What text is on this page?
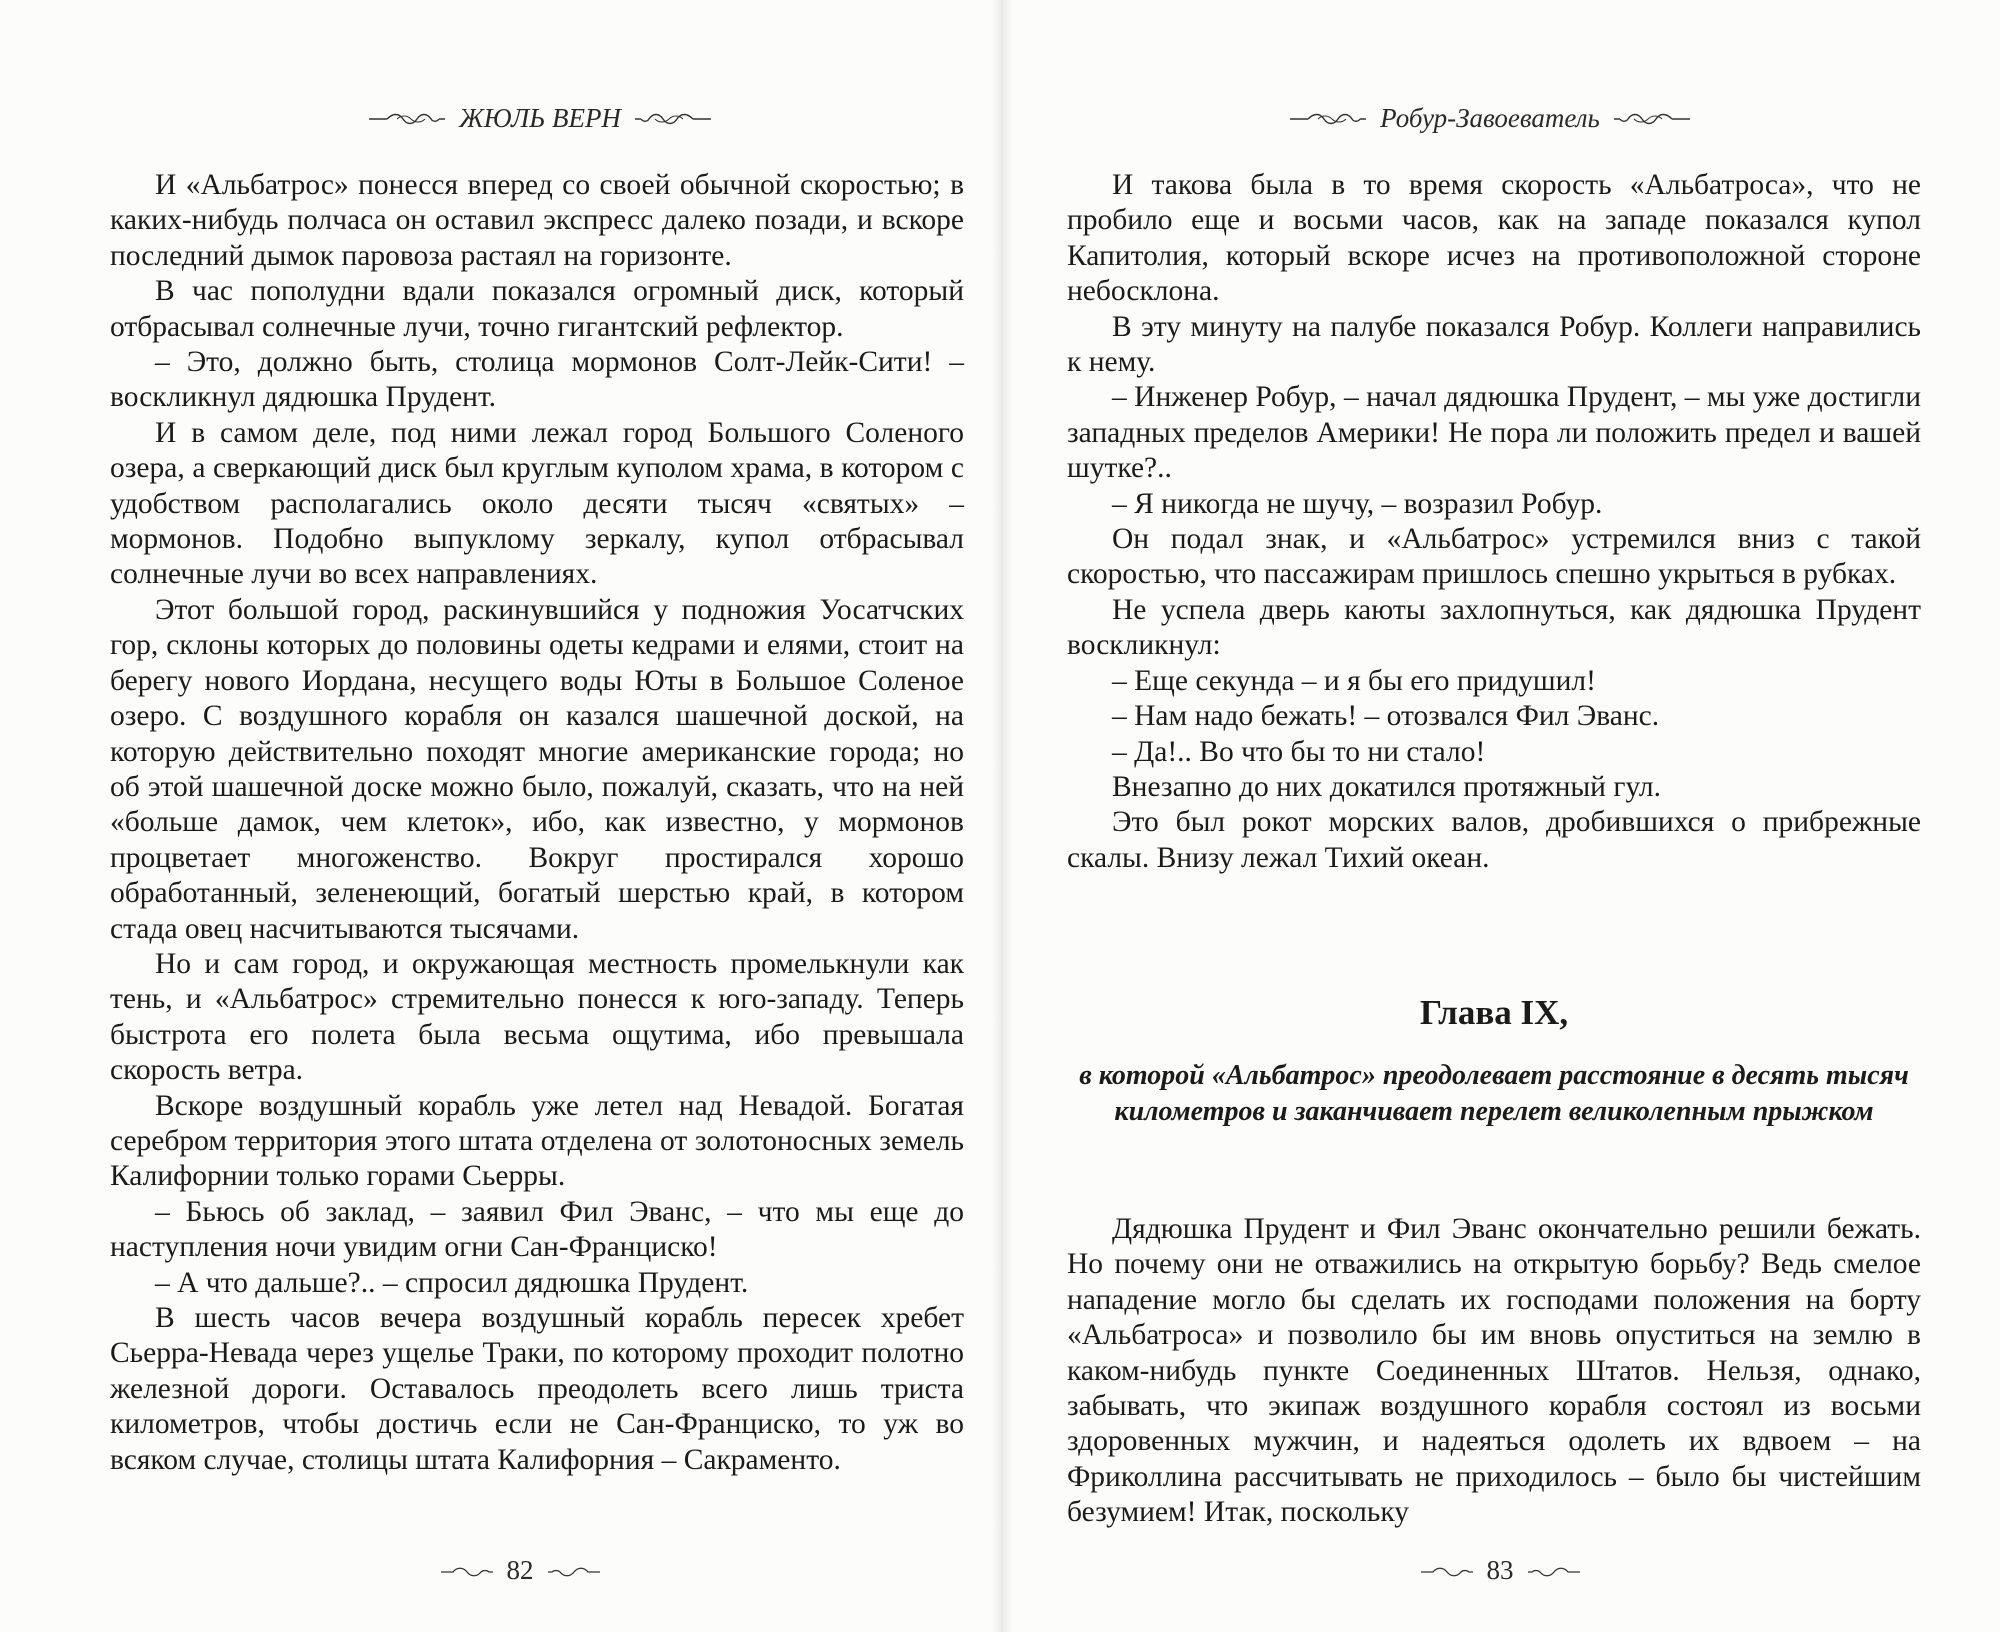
ЖЮЛЬ ВЕРН

И «Альбатрос» понесся вперед со своей обычной скоростью; в каких-нибудь полчаса он оставил экспресс далеко позади, и вскоре последний дымок паровоза растаял на горизонте.

В час пополудни вдали показался огромный диск, который отбрасывал солнечные лучи, точно гигантский рефлектор.

– Это, должно быть, столица мормонов Солт-Лейк-Сити! – воскликнул дядюшка Прудент.

И в самом деле, под ними лежал город Большого Соленого озера, а сверкающий диск был круглым куполом храма, в котором с удобством располагались около десяти тысяч «святых» – мормонов. Подобно выпуклому зеркалу, купол отбрасывал солнечные лучи во всех направлениях.

Этот большой город, раскинувшийся у подножия Уосатчских гор, склоны которых до половины одеты кедрами и елями, стоит на берегу нового Иордана, несущего воды Юты в Большое Соленое озеро. С воздушного корабля он казался шашечной доской, на которую действительно походят многие американские города; но об этой шашечной доске можно было, пожалуй, сказать, что на ней «больше дамок, чем клеток», ибо, как известно, у мормонов процветает многоженство. Вокруг простирался хорошо обработанный, зеленеющий, богатый шерстью край, в котором стада овец насчитываются тысячами.

Но и сам город, и окружающая местность промелькнули как тень, и «Альбатрос» стремительно понесся к юго-западу. Теперь быстрота его полета была весьма ощутима, ибо превышала скорость ветра.

Вскоре воздушный корабль уже летел над Невадой. Богатая серебром территория этого штата отделена от золотоносных земель Калифорнии только горами Сьерры.

– Бьюсь об заклад, – заявил Фил Эванс, – что мы еще до наступления ночи увидим огни Сан-Франциско!

– А что дальше?.. – спросил дядюшка Прудент.

В шесть часов вечера воздушный корабль пересек хребет Сьерра-Невада через ущелье Траки, по которому проходит полотно железной дороги. Оставалось преодолеть всего лишь триста километров, чтобы достичь если не Сан-Франциско, то уж во всяком случае, столицы штата Калифорния – Сакраменто.

82
Робур-Завоеватель

И такова была в то время скорость «Альбатроса», что не пробило еще и восьми часов, как на западе показался купол Капитолия, который вскоре исчез на противоположной стороне небосклона.

В эту минуту на палубе показался Робур. Коллеги направились к нему.

– Инженер Робур, – начал дядюшка Прудент, – мы уже достигли западных пределов Америки! Не пора ли положить предел и вашей шутке?..

– Я никогда не шучу, – возразил Робур.

Он подал знак, и «Альбатрос» устремился вниз с такой скоростью, что пассажирам пришлось спешно укрыться в рубках.

Не успела дверь каюты захлопнуться, как дядюшка Прудент воскликнул:

– Еще секунда – и я бы его придушил!

– Нам надо бежать! – отозвался Фил Эванс.

– Да!.. Во что бы то ни стало!

Внезапно до них докатился протяжный гул.

Это был рокот морских валов, дробившихся о прибрежные скалы. Внизу лежал Тихий океан.

Глава IX,

в которой «Альбатрос» преодолевает расстояние в десять тысяч километров и заканчивает перелет великолепным прыжком

Дядюшка Прудент и Фил Эванс окончательно решили бежать. Но почему они не отважились на открытую борьбу? Ведь смелое нападение могло бы сделать их господами положения на борту «Альбатроса» и позволило бы им вновь опуститься на землю в каком-нибудь пункте Соединенных Штатов. Нельзя, однако, забывать, что экипаж воздушного корабля состоял из восьми здоровенных мужчин, и надеяться одолеть их вдвоем – на Фриколлина рассчитывать не приходилось – было бы чистейшим безумием! Итак, поскольку

83
